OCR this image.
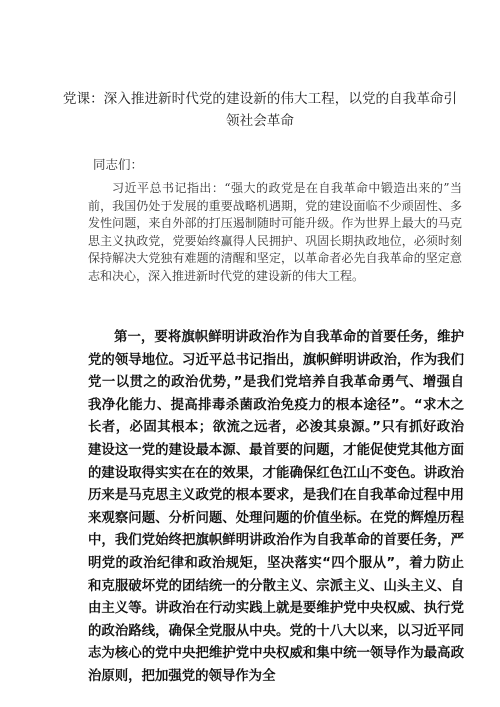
党课：深入推进新时代党的建设新的伟大工程，以党的自我革命引领社会革命
同志们：
习近平总书记指出：“强大的政党是在自我革命中锻造出来的”当前，我国仍处于发展的重要战略机遇期，党的建设面临不少顽固性、多发性问题，来自外部的打压遏制随时可能升级。作为世界上最大的马克思主义执政党，党要始终赢得人民拥护、巩固长期执政地位，必须时刻保持解决大党独有难题的清醒和坚定，以革命者必先自我革命的坚定意志和决心，深入推进新时代党的建设新的伟大工程。
第一，要将旗帜鲜明讲政治作为自我革命的首要任务，维护党的领导地位。习近平总书记指出，旗帜鲜明讲政治，作为我们党一以贯之的政治优势，”是我们党培养自我革命勇气、增强自我净化能力、提高排毒杀菌政治免疫力的根本途径”。“求木之长者，必固其根本；欲流之远者，必浚其泉源。”只有抓好政治建设这一党的建设最本源、最首要的问题，才能促使党其他方面的建设取得实实在在的效果，才能确保红色江山不变色。讲政治历来是马克思主义政党的根本要求，是我们在自我革命过程中用来观察问题、分析问题、处理问题的价值坐标。在党的辉煌历程中，我们党始终把旗帜鲜明讲政治作为自我革命的首要任务，严明党的政治纪律和政治规矩，坚决落实“四个服从”，着力防止和克服破坏党的团结统一的分散主义、宗派主义、山头主义、自由主义等。讲政治在行动实践上就是要维护党中央权威、执行党的政治路线，确保全党服从中央。党的十八大以来，以习近平同志为核心的党中央把维护党中央权威和集中统一领导作为最高政治原则，把加强党的领导作为全
